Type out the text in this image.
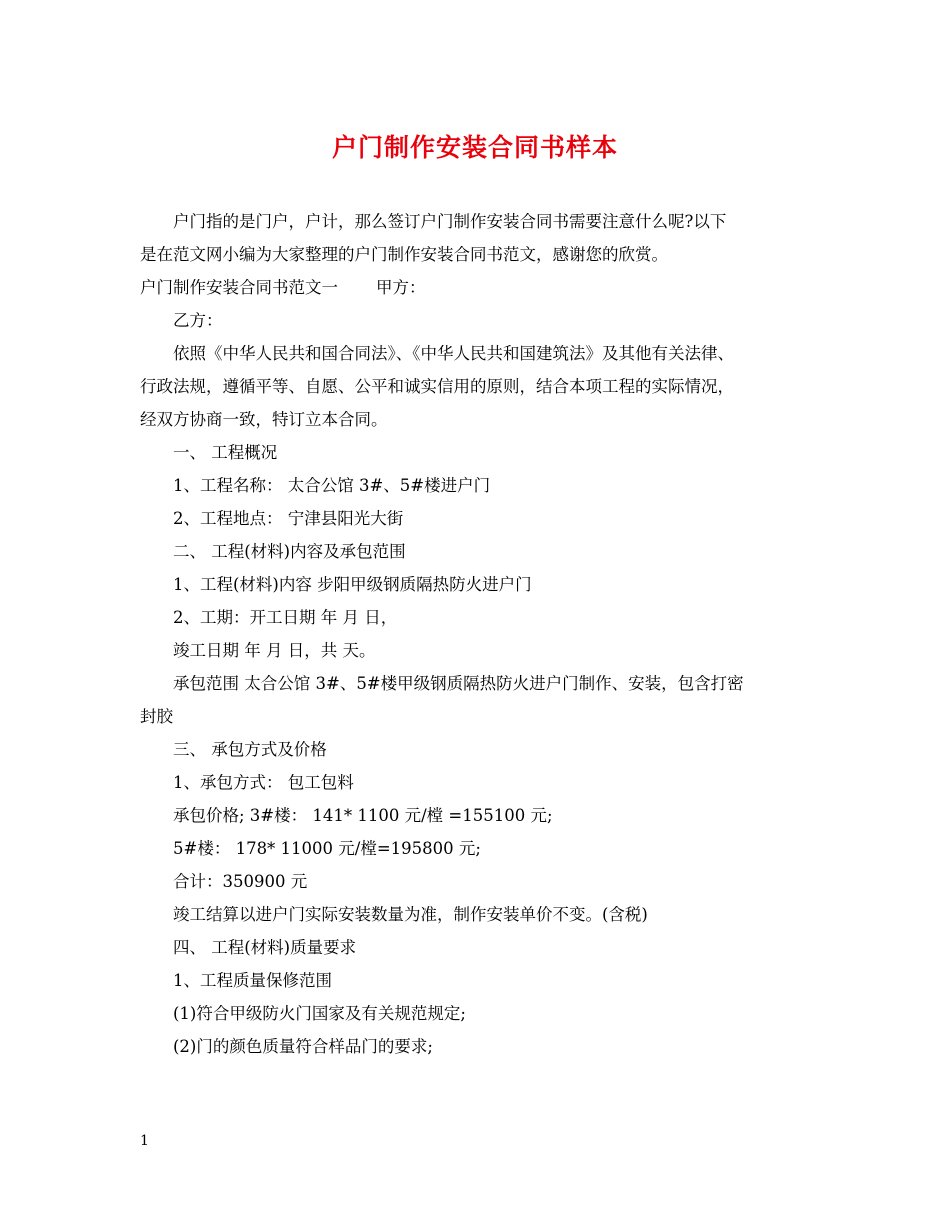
户门制作安装合同书样本
户门指的是门户，户计，那么签订户门制作安装合同书需要注意什么呢?以下
是在范文网小编为大家整理的户门制作安装合同书范文，感谢您的欣赏。
户门制作安装合同书范文一 甲方：
乙方：
依照《中华人民共和国合同法》、《中华人民共和国建筑法》及其他有关法律、
行政法规，遵循平等、自愿、公平和诚实信用的原则，结合本项工程的实际情况，
经双方协商一致，特订立本合同。
一、 工程概况
1、工程名称： 太合公馆 3#、5#楼进户门
2、工程地点： 宁津县阳光大街
二、 工程(材料)内容及承包范围
1、工程(材料)内容 步阳甲级钢质隔热防火进户门
2、工期：开工日期 年 月 日，
竣工日期 年 月 日，共 天。
承包范围 太合公馆 3#、5#楼甲级钢质隔热防火进户门制作、安装，包含打密
封胶
三、 承包方式及价格
1、承包方式： 包工包料
承包价格; 3#楼： 141* 1100 元/樘 =155100 元;
5#楼： 178* 11000 元/樘=195800 元;
合计：350900 元
竣工结算以进户门实际安装数量为准，制作安装单价不变。(含税)
四、 工程(材料)质量要求
1、工程质量保修范围
(1)符合甲级防火门国家及有关规范规定;
(2)门的颜色质量符合样品门的要求;
1
